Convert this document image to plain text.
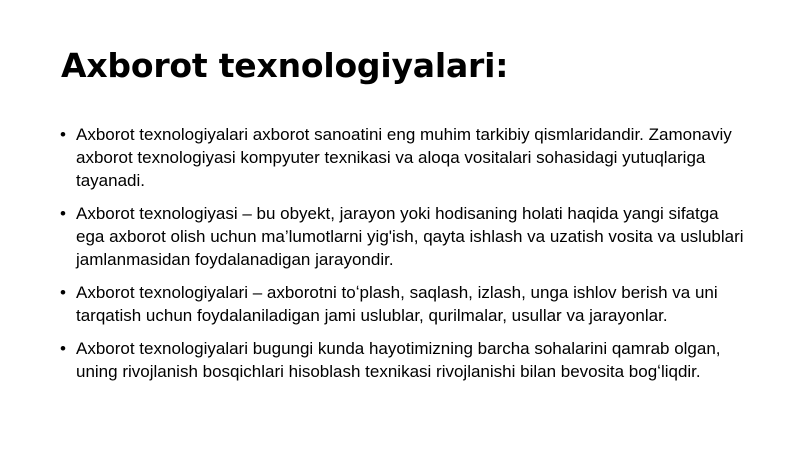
Axborot texnologiyalari:
• Axborot texnologiyalari axborot sanoatini eng muhim tarkibiy qismlaridandir. Zamonaviy axborot texnologiyasi kompyuter texnikasi va aloqa vositalari sohasidagi yutuqlariga tayanadi.
• Axborot texnologiyasi – bu obyekt, jarayon yoki hodisaning holati haqida yangi sifatga ega axborot olish uchun ma’lumotlarni yig'ish, qayta ishlash va uzatish vosita va uslublari jamlanmasidan foydalanadigan jarayondir.
• Axborot texnologiyalari – axborotni toʻplash, saqlash, izlash, unga ishlov berish va uni tarqatish uchun foydalaniladigan jami uslublar, qurilmalar, usullar va jarayonlar.
• Axborot texnologiyalari bugungi kunda hayotimizning barcha sohalarini qamrab olgan, uning rivojlanish bosqichlari hisoblash texnikasi rivojlanishi bilan bevosita bogʻliqdir.
